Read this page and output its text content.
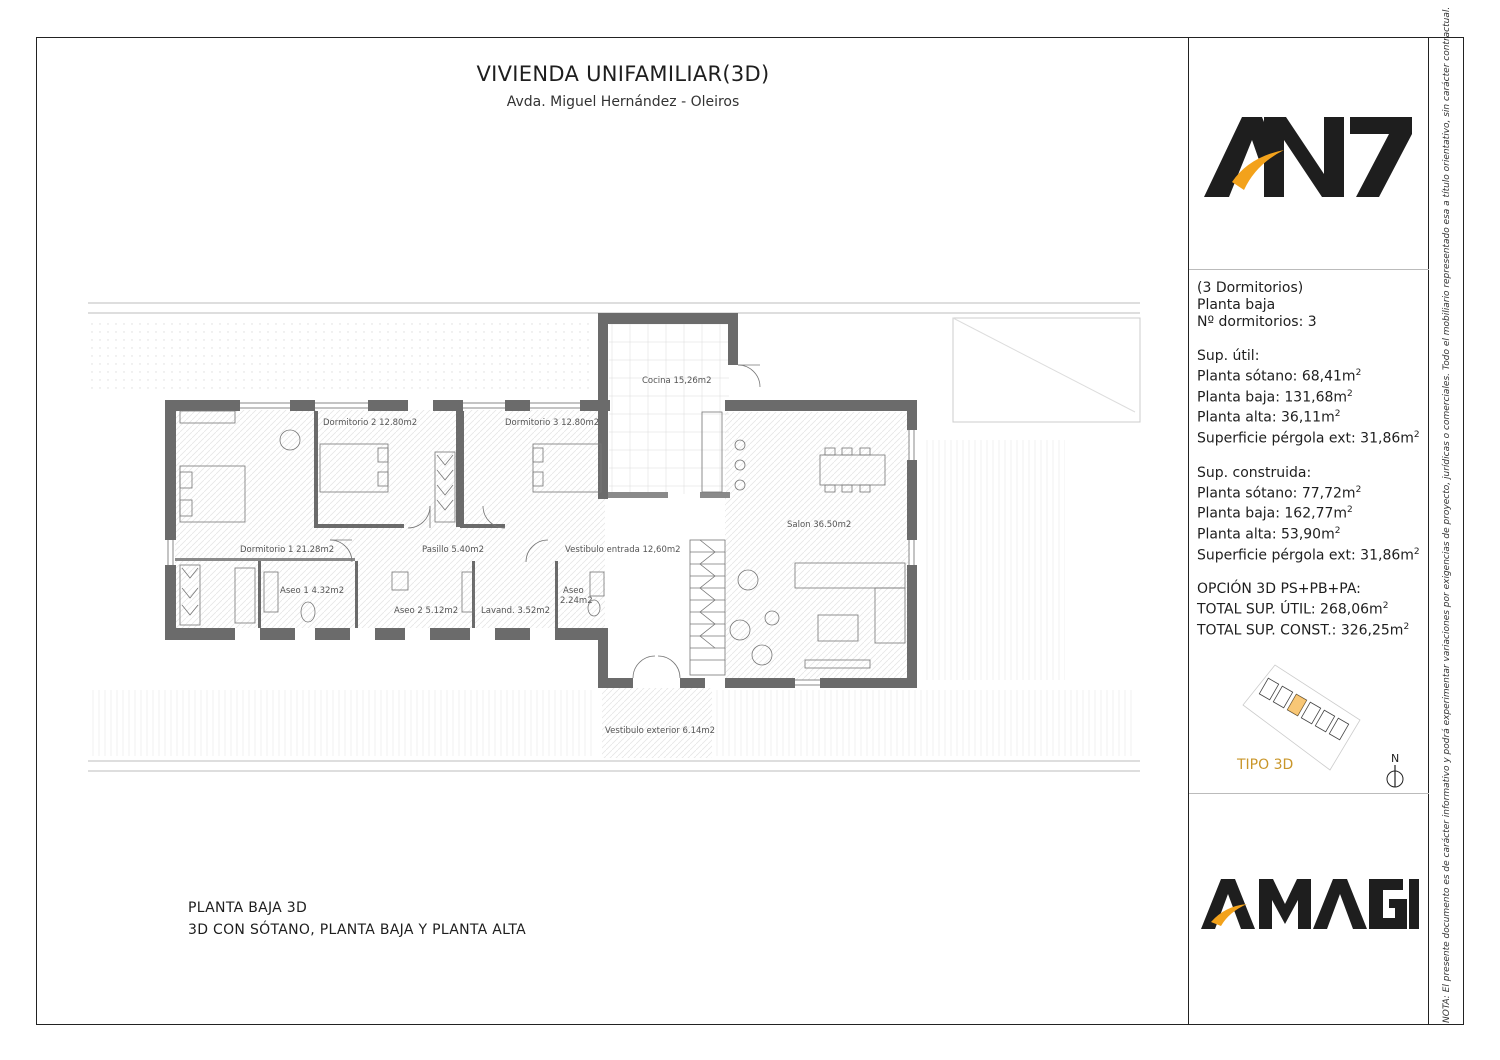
VIVIENDA UNIFAMILIAR(3D)
Avda. Miguel Hernández - Oleiros
Cocina 15,26m2
Dormitorio 2 12.80m2	Dormitorio 3 12.80m2
Dormitorio 1 21.28m2	Pasillo 5.40m2	Vestibulo entrada 12,60m2
Salon 36.50m2
Aseo 1 4.32m2
Aseo 2 5.12m2	Lavand. 3.52m2
Aseo
2.24m2
Vestibulo exterior 6.14m2
PLANTA BAJA 3D
3D CON SÓTANO, PLANTA BAJA Y PLANTA ALTA
(3 Dormitorios)
Planta baja
Nº dormitorios: 3
Sup. útil:
Planta sótano: $68,41m^2$
Planta baja: $131,68m^2$
Planta alta: $36,11m^2$
Superficie pérgola ext: $31,86m^2$
Sup. construida:
Planta sótano: $77,72m^2$
Planta baja: $162,77m^2$
Planta alta: $53,90m^2$
Superficie pérgola ext: $31,86m^2$
OPCIÓN 3D PS+PB+PA:
TOTAL SUP. ÚTIL: $268,06m^2$
TOTAL SUP. CONST.: $326,25m^2$
TIPO 3D	N	NOTA: El presente documento es de carácter informativo y podrá experimentar variaciones por exigencias de proyecto, jurídicas o comerciales. Todo el mobiliario representado esa a título orientativo, sin carácter contractual.
